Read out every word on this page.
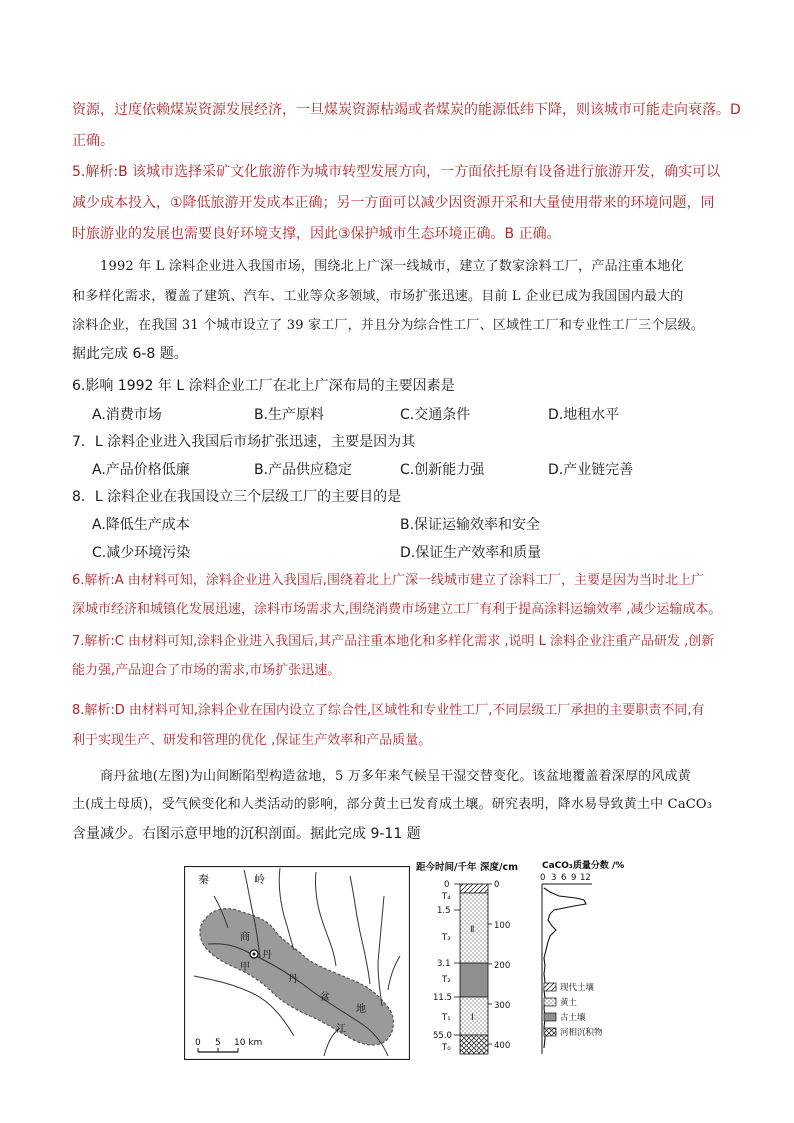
资源，过度依赖煤炭资源发展经济，一旦煤炭资源枯竭或者煤炭的能源低纬下降，则该城市可能走向衰落。D
正确。
5.解析:B 该城市选择采矿文化旅游作为城市转型发展方向，一方面依托原有设备进行旅游开发，确实可以
减少成本投入，①降低旅游开发成本正确；另一方面可以减少因资源开采和大量使用带来的环境问题，同
时旅游业的发展也需要良好环境支撑，因此③保护城市生态环境正确。B 正确。
1992 年 L 涂料企业进入我国市场，围绕北上广深一线城市，建立了数家涂料工厂，产品注重本地化
和多样化需求，覆盖了建筑、汽车、工业等众多领域，市场扩张迅速。目前 L 企业已成为我国国内最大的
涂料企业，在我国 31 个城市设立了 39 家工厂，并且分为综合性工厂、区域性工厂和专业性工厂三个层级。
据此完成 6-8 题。
6.影响 1992 年 L 涂料企业工厂在北上广深布局的主要因素是
A.消费市场	B.生产原料	C.交通条件	D.地租水平
7．L 涂料企业进入我国后市场扩张迅速，主要是因为其
A.产品价格低廉	B.产品供应稳定	C.创新能力强	D.产业链完善
8．L 涂料企业在我国设立三个层级工厂的主要目的是
A.降低生产成本	B.保证运输效率和安全
C.减少环境污染	D.保证生产效率和质量
6.解析:A 由材料可知，涂料企业进入我国后,围绕着北上广深一线城市建立了涂料工厂，主要是因为当时北上广
深城市经济和城镇化发展迅速，涂料市场需求大,围绕消费市场建立工厂有利于提高涂料运输效率 ,减少运输成本。
7.解析:C 由材料可知,涂料企业进入我国后,其产品注重本地化和多样化需求 ,说明 L 涂料企业注重产品研发 ,创新
能力强,产品迎合了市场的需求,市场扩张迅速。
8.解析:D 由材料可知,涂料企业在国内设立了综合性,区域性和专业性工厂,不同层级工厂承担的主要职责不同,有
利于实现生产、研发和管理的优化 ,保证生产效率和产品质量。
商丹盆地(左图)为山间断陷型构造盆地，5 万多年来气候呈干湿交替变化。该盆地覆盖着深厚的风成黄
土(成土母质)，受气候变化和人类活动的影响，部分黄土已发育成土壤。研究表明，降水易导致黄土中 CaCO₃
含量减少。右图示意甲地的沉积剖面。据此完成 9-11 题
秦	岭
商
丹
甲
丹
盆
地
江
0 5 10 km
距今时间/千年 深度/cm	CaCO₃质量分数 /%
0 3 6 9 12
Ⅱ
Ⅰ
0
1.5
3.1
11.5
55.0
T₄
T₃
T₂
T₁
T₀
0
100
200
300
400
现代土壤
黄土
古土壤
河相沉积物
